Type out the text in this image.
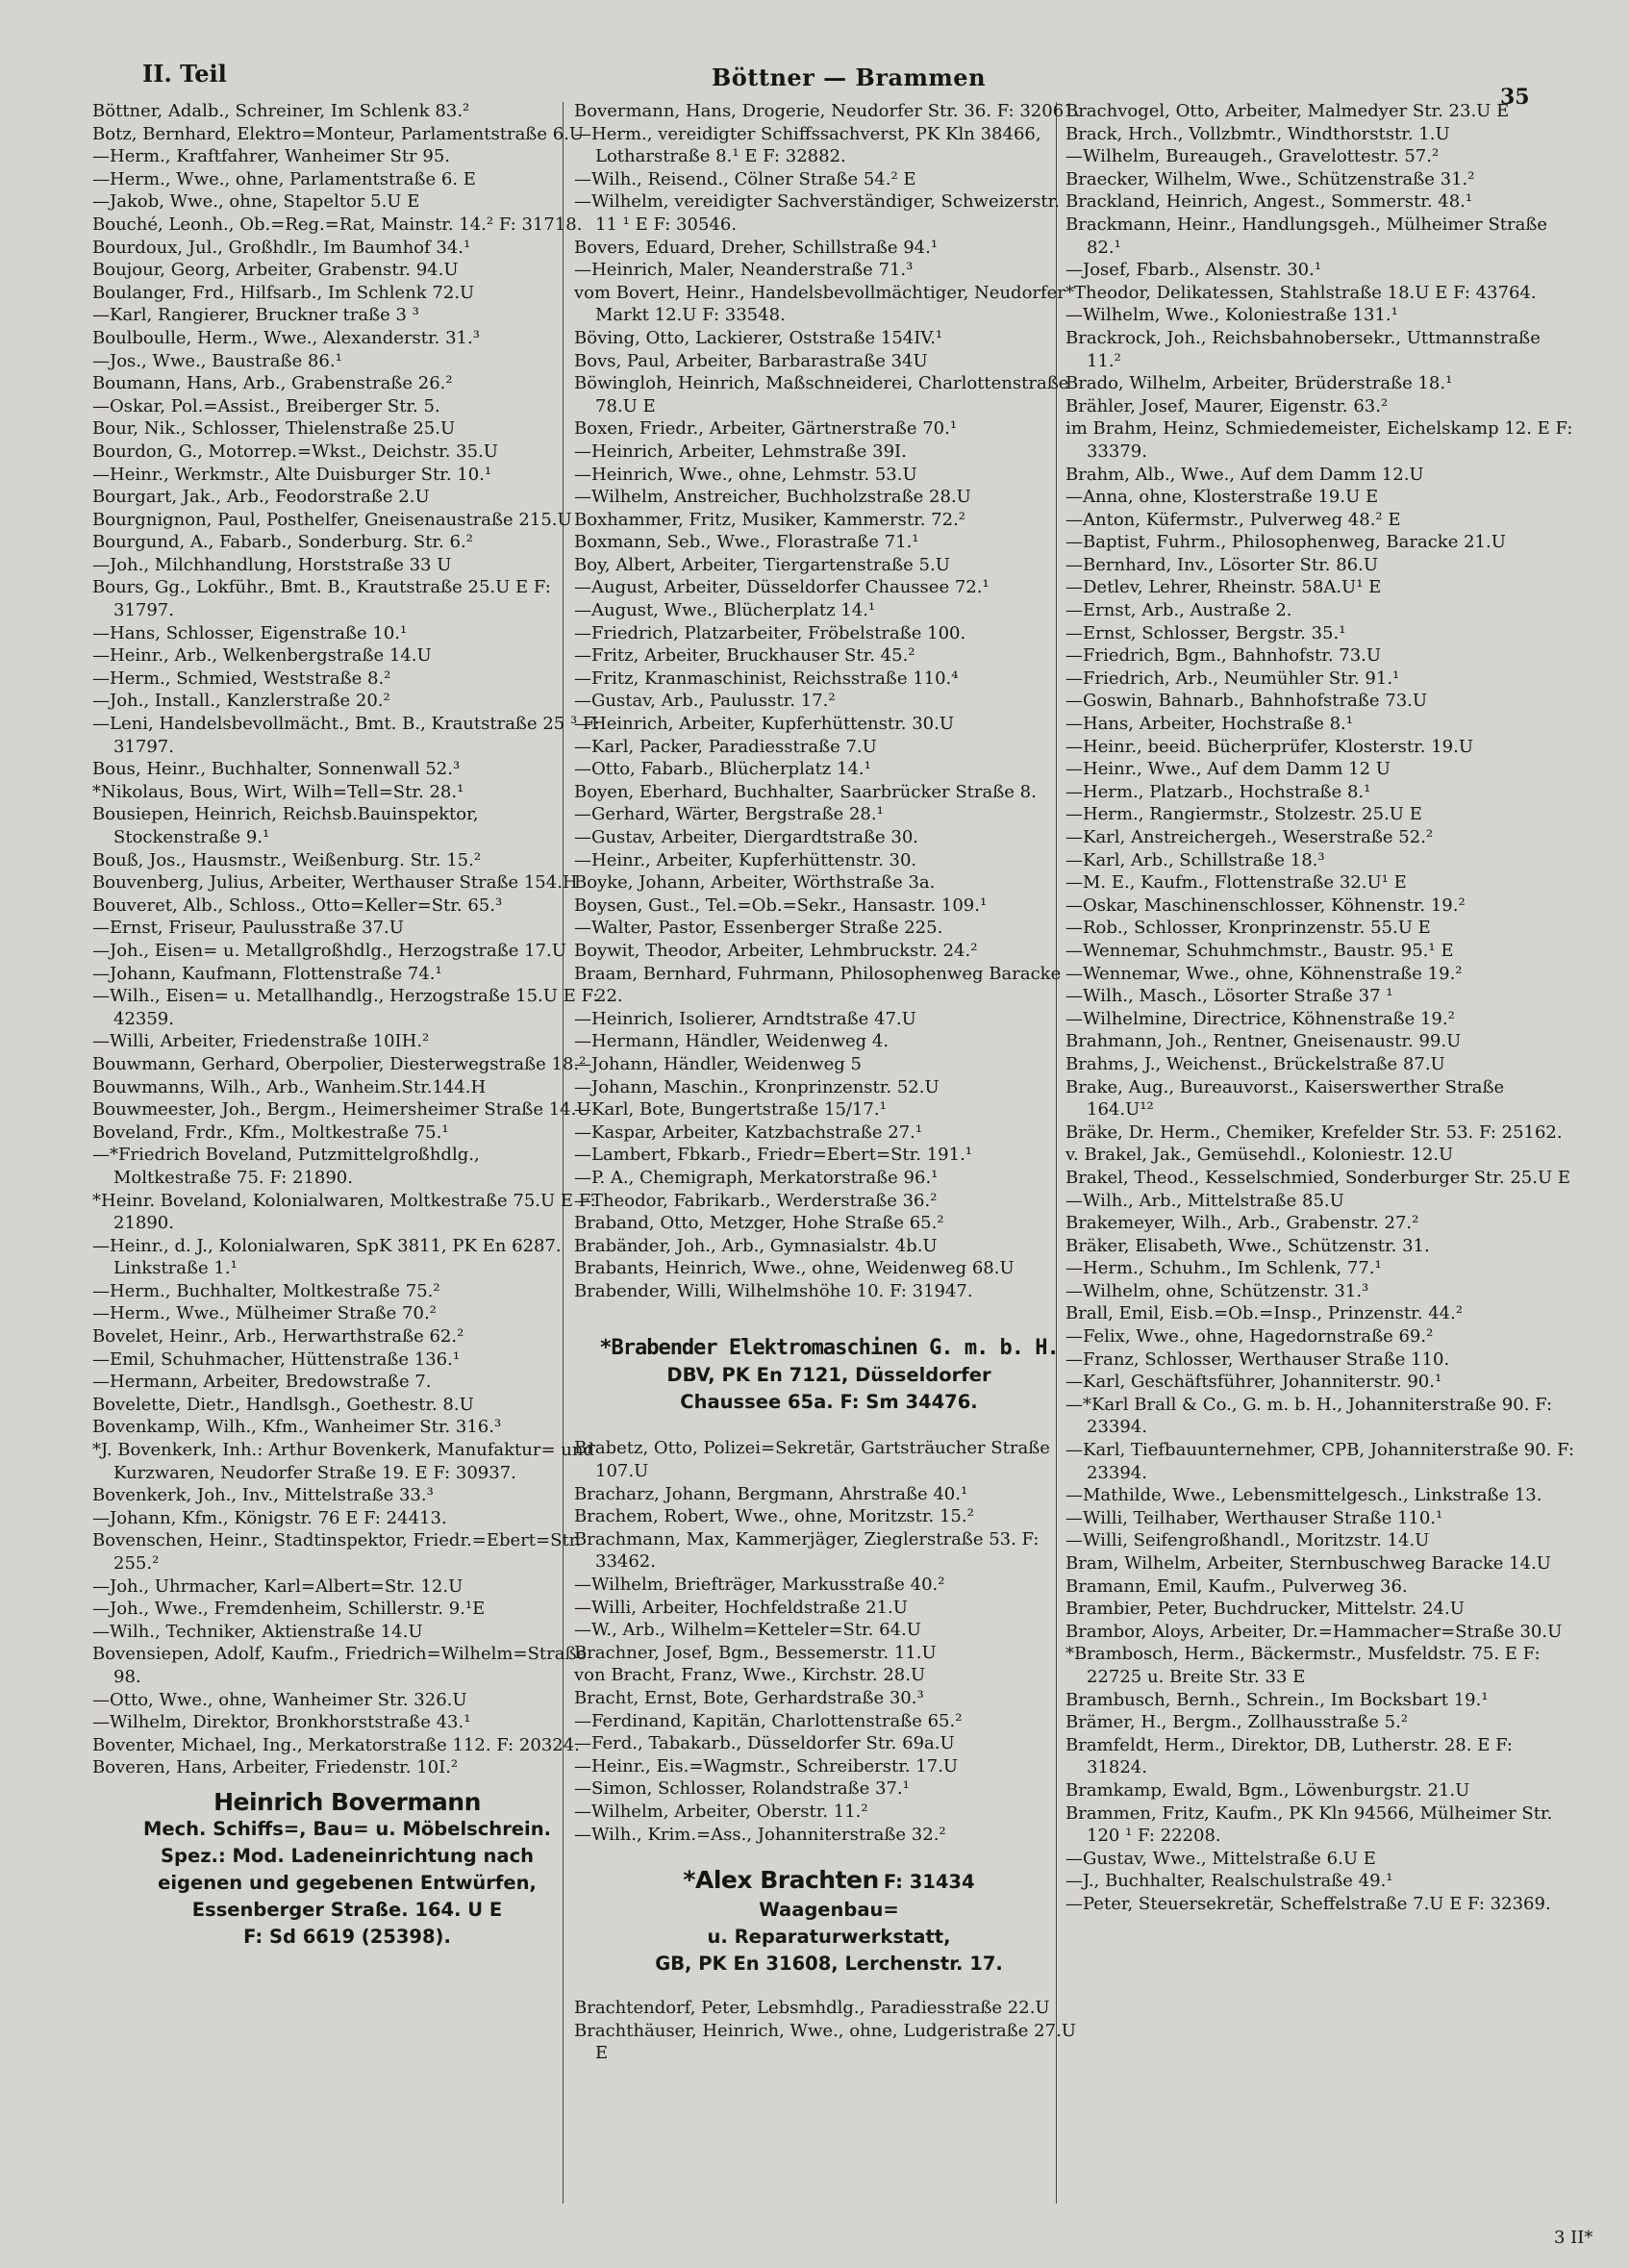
II. Teil	Böttner — Brammen
35

Böttner, Adalb., Schreiner, Im Schlenk 83.²

Botz, Bernhard, Elektro=Monteur, Parlamentstraße 6.U

—Herm., Kraftfahrer, Wanheimer Str 95.

—Herm., Wwe., ohne, Parlamentstraße 6. E

—Jakob, Wwe., ohne, Stapeltor 5.U E

Bouché, Leonh., Ob.=Reg.=Rat, Mainstr. 14.² F: 31718.

Bourdoux, Jul., Großhdlr., Im Baumhof 34.¹

Boujour, Georg, Arbeiter, Grabenstr. 94.U

Boulanger, Frd., Hilfsarb., Im Schlenk 72.U

—Karl, Rangierer, Bruckner traße 3 ³

Boulboulle, Herm., Wwe., Alexanderstr. 31.³

—Jos., Wwe., Baustraße 86.¹

Boumann, Hans, Arb., Grabenstraße 26.²

—Oskar, Pol.=Assist., Breiberger Str. 5.

Bour, Nik., Schlosser, Thielenstraße 25.U

Bourdon, G., Motorrep.=Wkst., Deichstr. 35.U

—Heinr., Werkmstr., Alte Duisburger Str. 10.¹

Bourgart, Jak., Arb., Feodorstraße 2.U

Bourgnignon, Paul, Posthelfer, Gneisenaustraße 215.U

Bourgund, A., Fabarb., Sonderburg. Str. 6.²

—Joh., Milchhandlung, Horststraße 33 U

Bours, Gg., Lokführ., Bmt. B., Krautstraße 25.U E F: 31797.

—Hans, Schlosser, Eigenstraße 10.¹

—Heinr., Arb., Welkenbergstraße 14.U

—Herm., Schmied, Weststraße 8.²

—Joh., Install., Kanzlerstraße 20.²

—Leni, Handelsbevollmächt., Bmt. B., Krautstraße 25 ³ F: 31797.

Bous, Heinr., Buchhalter, Sonnenwall 52.³

*Nikolaus, Bous, Wirt, Wilh=Tell=Str. 28.¹

Bousiepen, Heinrich, Reichsb.Bauinspektor, Stockenstraße 9.¹

Bouß, Jos., Hausmstr., Weißenburg. Str. 15.²

Bouvenberg, Julius, Arbeiter, Werthauser Straße 154.H

Bouveret, Alb., Schloss., Otto=Keller=Str. 65.³

—Ernst, Friseur, Paulusstraße 37.U

—Joh., Eisen= u. Metallgroßhdlg., Herzogstraße 17.U

—Johann, Kaufmann, Flottenstraße 74.¹

—Wilh., Eisen= u. Metallhandlg., Herzogstraße 15.U E F: 42359.

—Willi, Arbeiter, Friedenstraße 10IH.²

Bouwmann, Gerhard, Oberpolier, Diesterwegstraße 18.²

Bouwmanns, Wilh., Arb., Wanheim.Str.144.H

Bouwmeester, Joh., Bergm., Heimersheimer Straße 14.U

Boveland, Frdr., Kfm., Moltkestraße 75.¹

—*Friedrich Boveland, Putzmittelgroßhdlg., Moltkestraße 75. F: 21890.

*Heinr. Boveland, Kolonialwaren, Moltkestraße 75.U E F: 21890.

—Heinr., d. J., Kolonialwaren, SpK 3811, PK En 6287. Linkstraße 1.¹

—Herm., Buchhalter, Moltkestraße 75.²

—Herm., Wwe., Mülheimer Straße 70.²

Bovelet, Heinr., Arb., Herwarthstraße 62.²

—Emil, Schuhmacher, Hüttenstraße 136.¹

—Hermann, Arbeiter, Bredowstraße 7.

Bovelette, Dietr., Handlsgh., Goethestr. 8.U

Bovenkamp, Wilh., Kfm., Wanheimer Str. 316.³

*J. Bovenkerk, Inh.: Arthur Bovenkerk, Manufaktur= und Kurzwaren, Neudorfer Straße 19. E F: 30937.

Bovenkerk, Joh., Inv., Mittelstraße 33.³

—Johann, Kfm., Königstr. 76 E F: 24413.

Bovenschen, Heinr., Stadtinspektor, Friedr.=Ebert=Str. 255.²

—Joh., Uhrmacher, Karl=Albert=Str. 12.U

—Joh., Wwe., Fremdenheim, Schillerstr. 9.¹E

—Wilh., Techniker, Aktienstraße 14.U

Bovensiepen, Adolf, Kaufm., Friedrich=Wilhelm=Straße 98.

—Otto, Wwe., ohne, Wanheimer Str. 326.U

—Wilhelm, Direktor, Bronkhorststraße 43.¹

Boventer, Michael, Ing., Merkatorstraße 112. F: 20324.

Boveren, Hans, Arbeiter, Friedenstr. 10I.²

Heinrich Bovermann
Mech. Schiffs=, Bau= u. Möbelschrein.
Spez.: Mod. Ladeneinrichtung nach
eigenen und gegebenen Entwürfen,
Essenberger Straße. 164. U E
F: Sd 6619 (25398).

Bovermann, Hans, Drogerie, Neudorfer Str. 36. F: 32061.

—Herm., vereidigter Schiffssachverst, PK Kln 38466, Lotharstraße 8.¹ E F: 32882.

—Wilh., Reisend., Cölner Straße 54.² E

—Wilhelm, vereidigter Sachverständiger, Schweizerstr. 11 ¹ E F: 30546.

Bovers, Eduard, Dreher, Schillstraße 94.¹

—Heinrich, Maler, Neanderstraße 71.³

vom Bovert, Heinr., Handelsbevollmächtiger, Neudorfer Markt 12.U F: 33548.

Böving, Otto, Lackierer, Oststraße 154IV.¹

Bovs, Paul, Arbeiter, Barbarastraße 34U

Böwingloh, Heinrich, Maßschneiderei, Charlottenstraße 78.U E

Boxen, Friedr., Arbeiter, Gärtnerstraße 70.¹

—Heinrich, Arbeiter, Lehmstraße 39I.

—Heinrich, Wwe., ohne, Lehmstr. 53.U

—Wilhelm, Anstreicher, Buchholzstraße 28.U

Boxhammer, Fritz, Musiker, Kammerstr. 72.²

Boxmann, Seb., Wwe., Florastraße 71.¹

Boy, Albert, Arbeiter, Tiergartenstraße 5.U

—August, Arbeiter, Düsseldorfer Chaussee 72.¹

—August, Wwe., Blücherplatz 14.¹

—Friedrich, Platzarbeiter, Fröbelstraße 100.

—Fritz, Arbeiter, Bruckhauser Str. 45.²

—Fritz, Kranmaschinist, Reichsstraße 110.⁴

—Gustav, Arb., Paulusstr. 17.²

—Heinrich, Arbeiter, Kupferhüttenstr. 30.U

—Karl, Packer, Paradiesstraße 7.U

—Otto, Fabarb., Blücherplatz 14.¹

Boyen, Eberhard, Buchhalter, Saarbrücker Straße 8.

—Gerhard, Wärter, Bergstraße 28.¹

—Gustav, Arbeiter, Diergardtstraße 30.

—Heinr., Arbeiter, Kupferhüttenstr. 30.

Boyke, Johann, Arbeiter, Wörthstraße 3a.

Boysen, Gust., Tel.=Ob.=Sekr., Hansastr. 109.¹

—Walter, Pastor, Essenberger Straße 225.

Boywit, Theodor, Arbeiter, Lehmbruckstr. 24.²

Braam, Bernhard, Fuhrmann, Philosophenweg Baracke 22.

—Heinrich, Isolierer, Arndtstraße 47.U

—Hermann, Händler, Weidenweg 4.

—Johann, Händler, Weidenweg 5

—Johann, Maschin., Kronprinzenstr. 52.U

—Karl, Bote, Bungertstraße 15/17.¹

—Kaspar, Arbeiter, Katzbachstraße 27.¹

—Lambert, Fbkarb., Friedr=Ebert=Str. 191.¹

—P. A., Chemigraph, Merkatorstraße 96.¹

—Theodor, Fabrikarb., Werderstraße 36.²

Braband, Otto, Metzger, Hohe Straße 65.²

Brabänder, Joh., Arb., Gymnasialstr. 4b.U

Brabants, Heinrich, Wwe., ohne, Weidenweg 68.U

Brabender, Willi, Wilhelmshöhe 10. F: 31947.

*Brabender Elektromaschinen G. m. b. H.
DBV, PK En 7121, Düsseldorfer
Chaussee 65a. F: Sm 34476.

Brabetz, Otto, Polizei=Sekretär, Gartsträucher Straße 107.U

Bracharz, Johann, Bergmann, Ahrstraße 40.¹

Brachem, Robert, Wwe., ohne, Moritzstr. 15.²

Brachmann, Max, Kammerjäger, Zieglerstraße 53. F: 33462.

—Wilhelm, Briefträger, Markusstraße 40.²

—Willi, Arbeiter, Hochfeldstraße 21.U

—W., Arb., Wilhelm=Ketteler=Str. 64.U

Brachner, Josef, Bgm., Bessemerstr. 11.U

von Bracht, Franz, Wwe., Kirchstr. 28.U

Bracht, Ernst, Bote, Gerhardstraße 30.³

—Ferdinand, Kapitän, Charlottenstraße 65.²

—Ferd., Tabakarb., Düsseldorfer Str. 69a.U

—Heinr., Eis.=Wagmstr., Schreiberstr. 17.U

—Simon, Schlosser, Rolandstraße 37.¹

—Wilhelm, Arbeiter, Oberstr. 11.²

—Wilh., Krim.=Ass., Johanniterstraße 32.²

*Alex Brachten F: 31434
Waagenbau=
u. Reparaturwerkstatt,
GB, PK En 31608, Lerchenstr. 17.

Brachtendorf, Peter, Lebsmhdlg., Paradiesstraße 22.U

Brachthäuser, Heinrich, Wwe., ohne, Ludgeristraße 27.U E

Brachvogel, Otto, Arbeiter, Malmedyer Str. 23.U E

Brack, Hrch., Vollzbmtr., Windthorststr. 1.U

—Wilhelm, Bureaugeh., Gravelottestr. 57.²

Braecker, Wilhelm, Wwe., Schützenstraße 31.²

Brackland, Heinrich, Angest., Sommerstr. 48.¹

Brackmann, Heinr., Handlungsgeh., Mülheimer Straße 82.¹

—Josef, Fbarb., Alsenstr. 30.¹

*Theodor, Delikatessen, Stahlstraße 18.U E F: 43764.

—Wilhelm, Wwe., Koloniestraße 131.¹

Brackrock, Joh., Reichsbahnobersekr., Uttmannstraße 11.²

Brado, Wilhelm, Arbeiter, Brüderstraße 18.¹

Brähler, Josef, Maurer, Eigenstr. 63.²

im Brahm, Heinz, Schmiedemeister, Eichelskamp 12. E F: 33379.

Brahm, Alb., Wwe., Auf dem Damm 12.U

—Anna, ohne, Klosterstraße 19.U E

—Anton, Küfermstr., Pulverweg 48.² E

—Baptist, Fuhrm., Philosophenweg, Baracke 21.U

—Bernhard, Inv., Lösorter Str. 86.U

—Detlev, Lehrer, Rheinstr. 58A.U¹ E

—Ernst, Arb., Austraße 2.

—Ernst, Schlosser, Bergstr. 35.¹

—Friedrich, Bgm., Bahnhofstr. 73.U

—Friedrich, Arb., Neumühler Str. 91.¹

—Goswin, Bahnarb., Bahnhofstraße 73.U

—Hans, Arbeiter, Hochstraße 8.¹

—Heinr., beeid. Bücherprüfer, Klosterstr. 19.U

—Heinr., Wwe., Auf dem Damm 12 U

—Herm., Platzarb., Hochstraße 8.¹

—Herm., Rangiermstr., Stolzestr. 25.U E

—Karl, Anstreichergeh., Weserstraße 52.²

—Karl, Arb., Schillstraße 18.³

—M. E., Kaufm., Flottenstraße 32.U¹ E

—Oskar, Maschinenschlosser, Köhnenstr. 19.²

—Rob., Schlosser, Kronprinzenstr. 55.U E

—Wennemar, Schuhmchmstr., Baustr. 95.¹ E

—Wennemar, Wwe., ohne, Köhnenstraße 19.²

—Wilh., Masch., Lösorter Straße 37 ¹

—Wilhelmine, Directrice, Köhnenstraße 19.²

Brahmann, Joh., Rentner, Gneisenaustr. 99.U

Brahms, J., Weichenst., Brückelstraße 87.U

Brake, Aug., Bureauvorst., Kaiserswerther Straße 164.U¹²

Bräke, Dr. Herm., Chemiker, Krefelder Str. 53. F: 25162.

v. Brakel, Jak., Gemüsehdl., Koloniestr. 12.U

Brakel, Theod., Kesselschmied, Sonderburger Str. 25.U E

—Wilh., Arb., Mittelstraße 85.U

Brakemeyer, Wilh., Arb., Grabenstr. 27.²

Bräker, Elisabeth, Wwe., Schützenstr. 31.

—Herm., Schuhm., Im Schlenk, 77.¹

—Wilhelm, ohne, Schützenstr. 31.³

Brall, Emil, Eisb.=Ob.=Insp., Prinzenstr. 44.²

—Felix, Wwe., ohne, Hagedornstraße 69.²

—Franz, Schlosser, Werthauser Straße 110.

—Karl, Geschäftsführer, Johanniterstr. 90.¹

—*Karl Brall & Co., G. m. b. H., Johanniterstraße 90. F: 23394.

—Karl, Tiefbauunternehmer, CPB, Johanniterstraße 90. F: 23394.

—Mathilde, Wwe., Lebensmittelgesch., Linkstraße 13.

—Willi, Teilhaber, Werthauser Straße 110.¹

—Willi, Seifengroßhandl., Moritzstr. 14.U

Bram, Wilhelm, Arbeiter, Sternbuschweg Baracke 14.U

Bramann, Emil, Kaufm., Pulverweg 36.

Brambier, Peter, Buchdrucker, Mittelstr. 24.U

Brambor, Aloys, Arbeiter, Dr.=Hammacher=Straße 30.U

*Brambosch, Herm., Bäckermstr., Musfeldstr. 75. E F: 22725 u. Breite Str. 33 E

Brambusch, Bernh., Schrein., Im Bocksbart 19.¹

Brämer, H., Bergm., Zollhausstraße 5.²

Bramfeldt, Herm., Direktor, DB, Lutherstr. 28. E F: 31824.

Bramkamp, Ewald, Bgm., Löwenburgstr. 21.U

Brammen, Fritz, Kaufm., PK Kln 94566, Mülheimer Str. 120 ¹ F: 22208.

—Gustav, Wwe., Mittelstraße 6.U E

—J., Buchhalter, Realschulstraße 49.¹

—Peter, Steuersekretär, Scheffelstraße 7.U E F: 32369.

3 II*
